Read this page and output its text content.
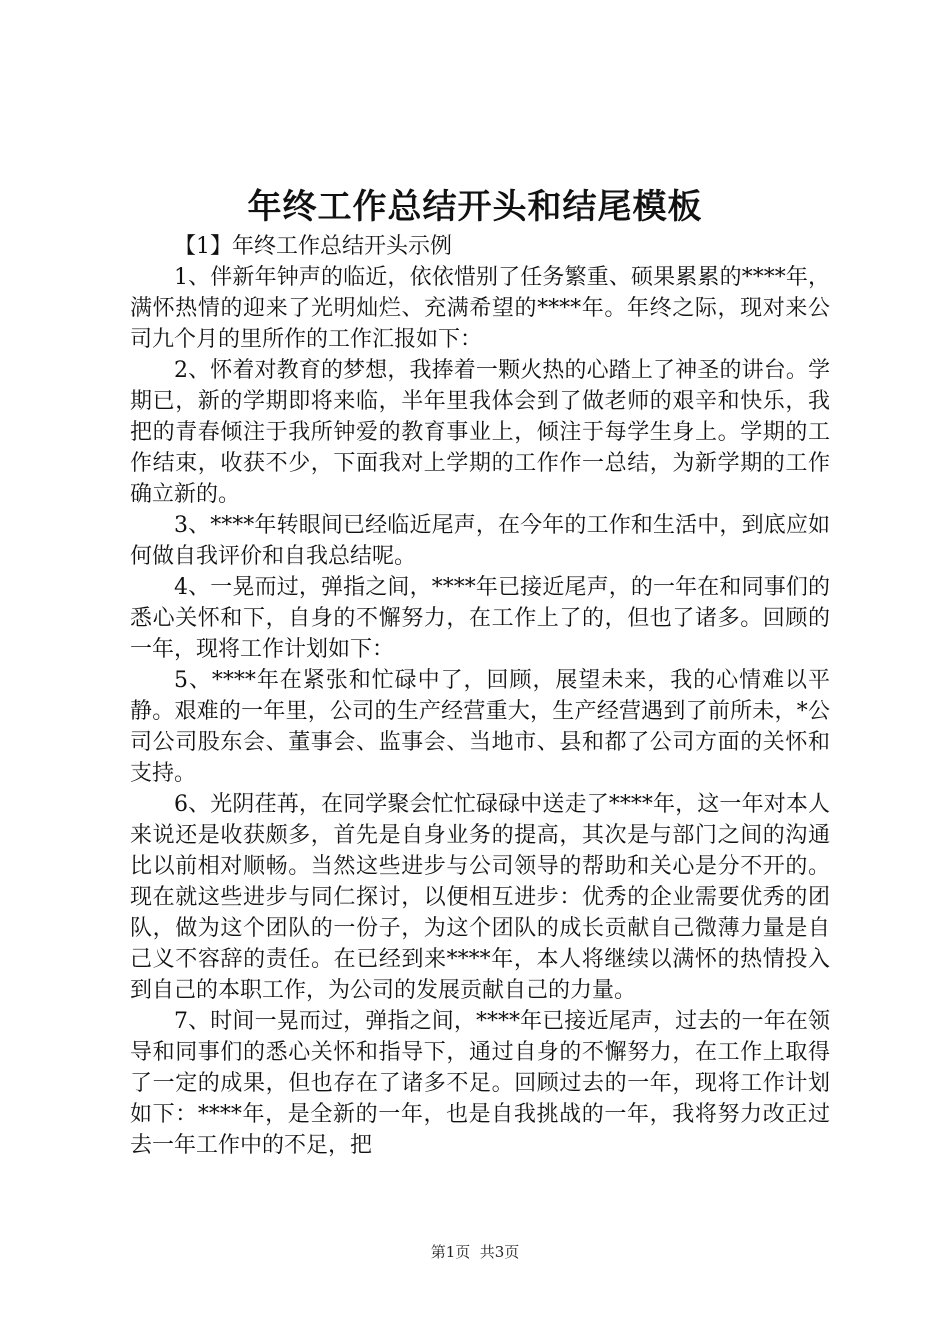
年终工作总结开头和结尾模板

【1】年终工作总结开头示例

1、伴新年钟声的临近，依依惜别了任务繁重、硕果累累的****年，满怀热情的迎来了光明灿烂、充满希望的****年。年终之际，现对来公司九个月的里所作的工作汇报如下：

2、怀着对教育的梦想，我捧着一颗火热的心踏上了神圣的讲台。学期已，新的学期即将来临，半年里我体会到了做老师的艰辛和快乐，我把的青春倾注于我所钟爱的教育事业上，倾注于每学生身上。学期的工作结束，收获不少，下面我对上学期的工作作一总结，为新学期的工作确立新的。

3、****年转眼间已经临近尾声，在今年的工作和生活中，到底应如何做自我评价和自我总结呢。

4、一晃而过，弹指之间，****年已接近尾声，的一年在和同事们的悉心关怀和下，自身的不懈努力，在工作上了的，但也了诸多。回顾的一年，现将工作计划如下：

5、****年在紧张和忙碌中了，回顾，展望未来，我的心情难以平静。艰难的一年里，公司的生产经营重大，生产经营遇到了前所未，*公司公司股东会、董事会、监事会、当地市、县和都了公司方面的关怀和支持。

6、光阴荏苒，在同学聚会忙忙碌碌中送走了****年，这一年对本人来说还是收获颇多，首先是自身业务的提高，其次是与部门之间的沟通比以前相对顺畅。当然这些进步与公司领导的帮助和关心是分不开的。现在就这些进步与同仁探讨，以便相互进步：优秀的企业需要优秀的团队，做为这个团队的一份子，为这个团队的成长贡献自己微薄力量是自己义不容辞的责任。在已经到来****年，本人将继续以满怀的热情投入到自己的本职工作，为公司的发展贡献自己的力量。

7、时间一晃而过，弹指之间，****年已接近尾声，过去的一年在领导和同事们的悉心关怀和指导下，通过自身的不懈努力，在工作上取得了一定的成果，但也存在了诸多不足。回顾过去的一年，现将工作计划如下：****年，是全新的一年，也是自我挑战的一年，我将努力改正过去一年工作中的不足，把

第1页  共3页
